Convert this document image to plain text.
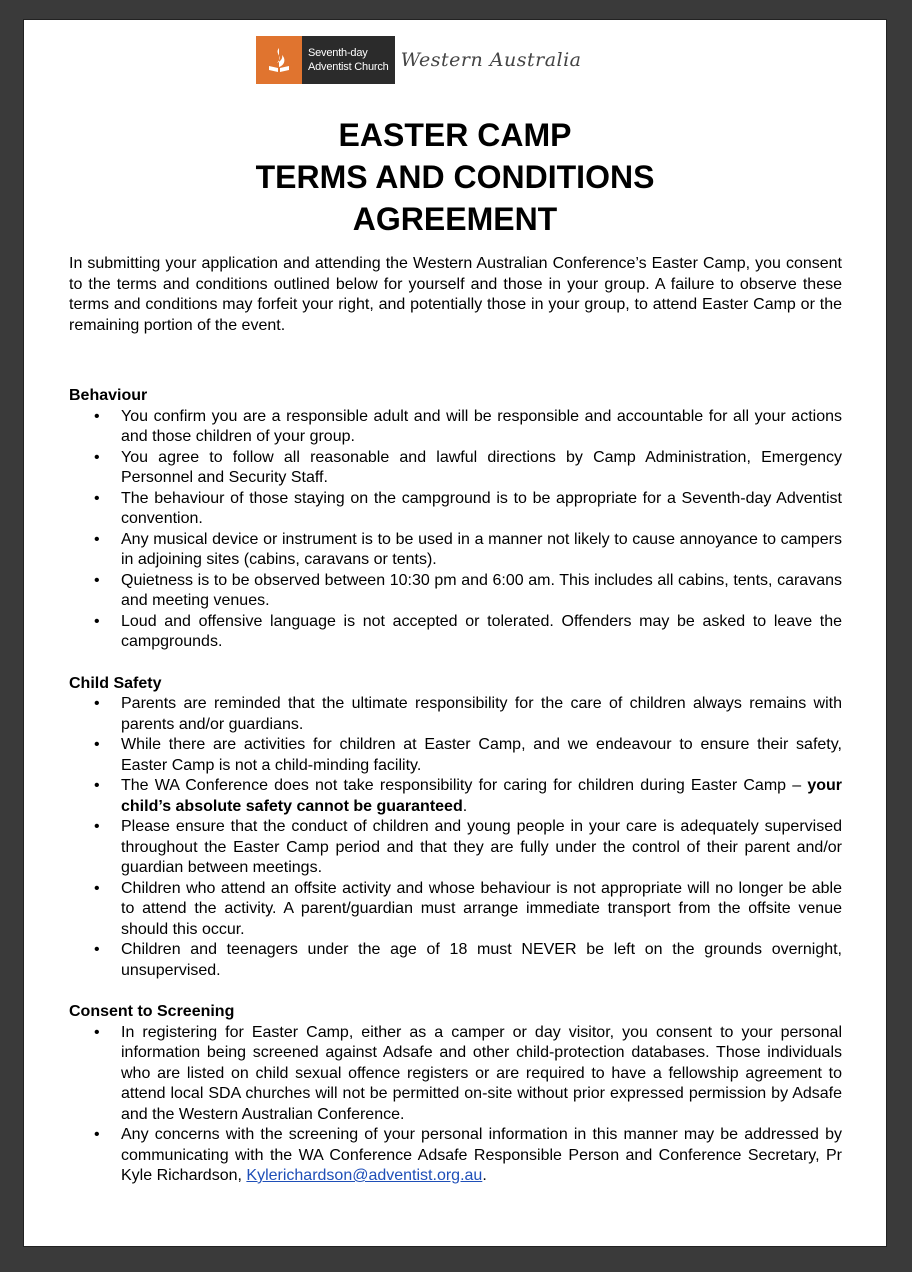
Seventh-day
Adventist Church Western Australia
EASTER CAMP
TERMS AND CONDITIONS
AGREEMENT

In submitting your application and attending the Western Australian Conference’s Easter Camp, you consent to the terms and conditions outlined below for yourself and those in your group. A failure to observe these terms and conditions may forfeit your right, and potentially those in your group, to attend Easter Camp or the remaining portion of the event.

Behaviour

• You confirm you are a responsible adult and will be responsible and accountable for all your actions and those children of your group.
• You agree to follow all reasonable and lawful directions by Camp Administration, Emergency Personnel and Security Staff.
• The behaviour of those staying on the campground is to be appropriate for a Seventh-day Adventist convention.
• Any musical device or instrument is to be used in a manner not likely to cause annoyance to campers in adjoining sites (cabins, caravans or tents).
• Quietness is to be observed between 10:30 pm and 6:00 am. This includes all cabins, tents, caravans and meeting venues.
• Loud and offensive language is not accepted or tolerated. Offenders may be asked to leave the campgrounds.

Child Safety

• Parents are reminded that the ultimate responsibility for the care of children always remains with parents and/or guardians.
• While there are activities for children at Easter Camp, and we endeavour to ensure their safety, Easter Camp is not a child-minding facility.
• The WA Conference does not take responsibility for caring for children during Easter Camp – your child’s absolute safety cannot be guaranteed.
• Please ensure that the conduct of children and young people in your care is adequately supervised throughout the Easter Camp period and that they are fully under the control of their parent and/or guardian between meetings.
• Children who attend an offsite activity and whose behaviour is not appropriate will no longer be able to attend the activity. A parent/guardian must arrange immediate transport from the offsite venue should this occur.
• Children and teenagers under the age of 18 must NEVER be left on the grounds overnight, unsupervised.

Consent to Screening

• In registering for Easter Camp, either as a camper or day visitor, you consent to your personal information being screened against Adsafe and other child-protection databases. Those individuals who are listed on child sexual offence registers or are required to have a fellowship agreement to attend local SDA churches will not be permitted on-site without prior expressed permission by Adsafe and the Western Australian Conference.
• Any concerns with the screening of your personal information in this manner may be addressed by communicating with the WA Conference Adsafe Responsible Person and Conference Secretary, Pr Kyle Richardson, Kylerichardson@adventist.org.au.
